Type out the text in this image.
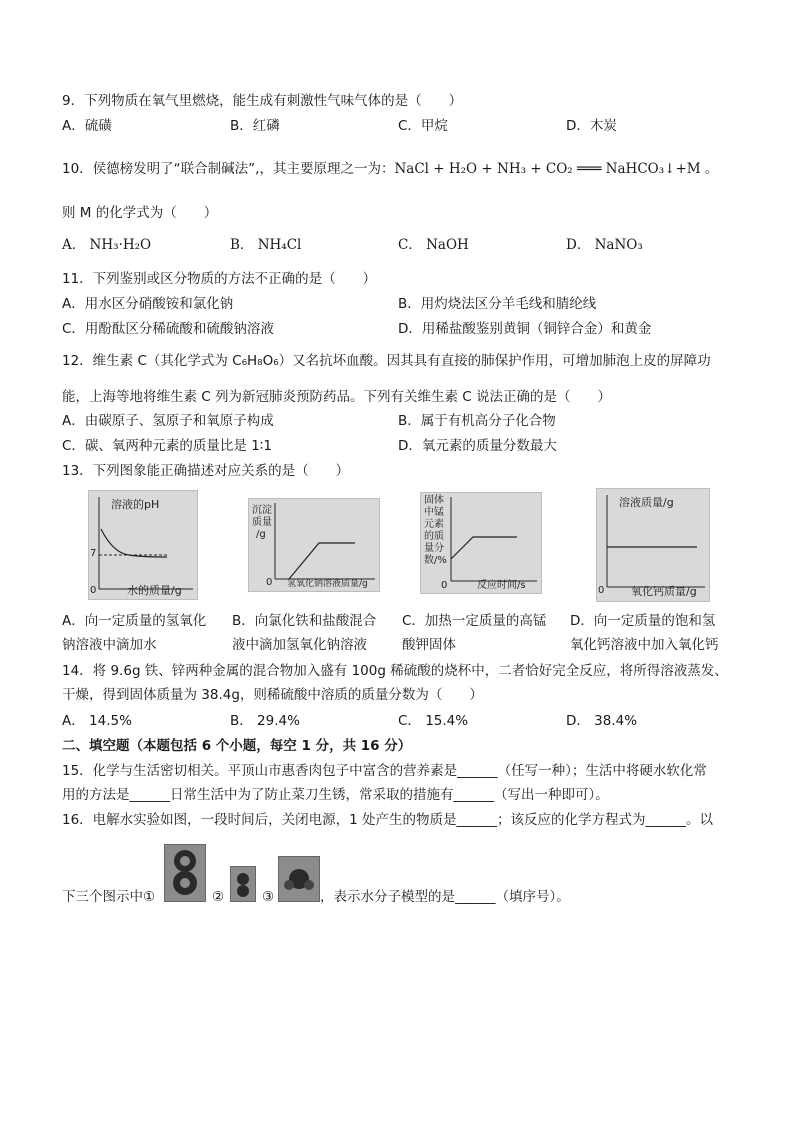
9．下列物质在氧气里燃烧，能生成有刺激性气味气体的是（　　）
A．硫磺	B．红磷	C．甲烷	D．木炭
10．侯德榜发明了“联合制碱法”,，其主要原理之一为：NaCl + H₂O + NH₃ + CO₂ ═══ NaHCO₃↓+M 。
则 M 的化学式为（　　）
A． NH₃·H₂O	B． NH₄Cl	C． NaOH	D． NaNO₃
11．下列鉴别或区分物质的方法不正确的是（　　）
A．用水区分硝酸铵和氯化钠	B．用灼烧法区分羊毛线和腈纶线
C．用酚酞区分稀硫酸和硫酸钠溶液	D．用稀盐酸鉴别黄铜（铜锌合金）和黄金
12．维生素 C（其化学式为 C₆H₈O₆）又名抗坏血酸。因其具有直接的肺保护作用，可增加肺泡上皮的屏障功
能，上海等地将维生素 C 列为新冠肺炎预防药品。下列有关维生素 C 说法正确的是（　　）
A．由碳原子、氢原子和氧原子构成	B．属于有机高分子化合物
C．碳、氧两种元素的质量比是 1∶1	D．氧元素的质量分数最大
13．下列图象能正确描述对应关系的是（　　）
溶液的pH
7
0	水的质量/g
沉淀
质量
/g
0 氢氧化钠溶液质量/g
固体
中锰
元素
的质
量分
数/%
0	反应时间/s
溶液质量/g
0 氧化钙质量/g
A．向一定质量的氢氧化
钠溶液中滴加水
B．向氯化铁和盐酸混合
液中滴加氢氧化钠溶液
C．加热一定质量的高锰
酸钾固体
D．向一定质量的饱和氢
氧化钙溶液中加入氧化钙
14．将 9.6g 铁、锌两种金属的混合物加入盛有 100g 稀硫酸的烧杯中，二者恰好完全反应，将所得溶液蒸发、
干燥，得到固体质量为 38.4g，则稀硫酸中溶质的质量分数为（　　）
A． 14.5%	B． 29.4%	C． 15.4%	D． 38.4%
二、填空题（本题包括 6 个小题，每空 1 分，共 16 分）
15．化学与生活密切相关。平顶山市惠香肉包子中富含的营养素是______（任写一种）；生活中将硬水软化常
用的方法是______日常生活中为了防止菜刀生锈，常采取的措施有______（写出一种即可）。
16．电解水实验如图，一段时间后，关闭电源，1 处产生的物质是______；该反应的化学方程式为______。以
下三个图示中①	②	③	，表示水分子模型的是______（填序号）。
